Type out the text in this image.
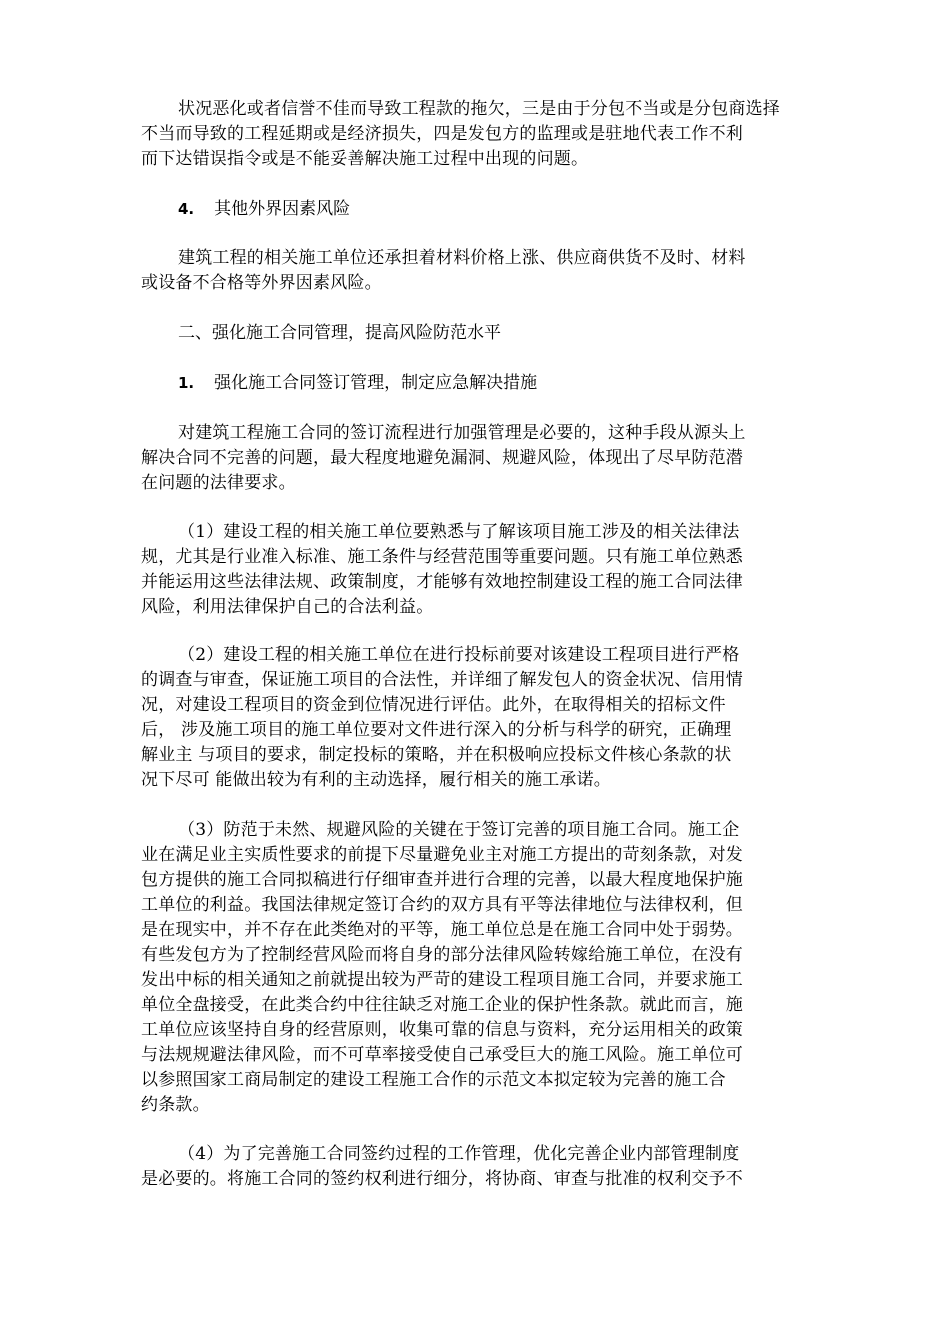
状况恶化或者信誉不佳而导致工程款的拖欠，三是由于分包不当或是分包商选择
不当而导致的工程延期或是经济损失，四是发包方的监理或是驻地代表工作不利
而下达错误指令或是不能妥善解决施工过程中出现的问题。
4. 其他外界因素风险
建筑工程的相关施工单位还承担着材料价格上涨、供应商供货不及时、材料
或设备不合格等外界因素风险。
二、强化施工合同管理，提高风险防范水平
1. 强化施工合同签订管理，制定应急解决措施
对建筑工程施工合同的签订流程进行加强管理是必要的，这种手段从源头上
解决合同不完善的问题，最大程度地避免漏洞、规避风险，体现出了尽早防范潜
在问题的法律要求。
（1）建设工程的相关施工单位要熟悉与了解该项目施工涉及的相关法律法
规，尤其是行业准入标准、施工条件与经营范围等重要问题。只有施工单位熟悉
并能运用这些法律法规、政策制度，才能够有效地控制建设工程的施工合同法律
风险，利用法律保护自己的合法利益。
（2）建设工程的相关施工单位在进行投标前要对该建设工程项目进行严格
的调查与审查，保证施工项目的合法性，并详细了解发包人的资金状况、信用情
况，对建设工程项目的资金到位情况进行评估。此外，在取得相关的招标文件
后， 涉及施工项目的施工单位要对文件进行深入的分析与科学的研究，正确理
解业主 与项目的要求，制定投标的策略，并在积极响应投标文件核心条款的状
况下尽可 能做出较为有利的主动选择，履行相关的施工承诺。
（3）防范于未然、规避风险的关键在于签订完善的项目施工合同。施工企
业在满足业主实质性要求的前提下尽量避免业主对施工方提出的苛刻条款，对发
包方提供的施工合同拟稿进行仔细审查并进行合理的完善，以最大程度地保护施
工单位的利益。我国法律规定签订合约的双方具有平等法律地位与法律权利，但
是在现实中，并不存在此类绝对的平等，施工单位总是在施工合同中处于弱势。
有些发包方为了控制经营风险而将自身的部分法律风险转嫁给施工单位，在没有
发出中标的相关通知之前就提出较为严苛的建设工程项目施工合同，并要求施工
单位全盘接受，在此类合约中往往缺乏对施工企业的保护性条款。就此而言，施
工单位应该坚持自身的经营原则，收集可靠的信息与资料，充分运用相关的政策
与法规规避法律风险，而不可草率接受使自己承受巨大的施工风险。施工单位可
以参照国家工商局制定的建设工程施工合作的示范文本拟定较为完善的施工合
约条款。
（4）为了完善施工合同签约过程的工作管理，优化完善企业内部管理制度
是必要的。将施工合同的签约权利进行细分，将协商、审查与批准的权利交予不
